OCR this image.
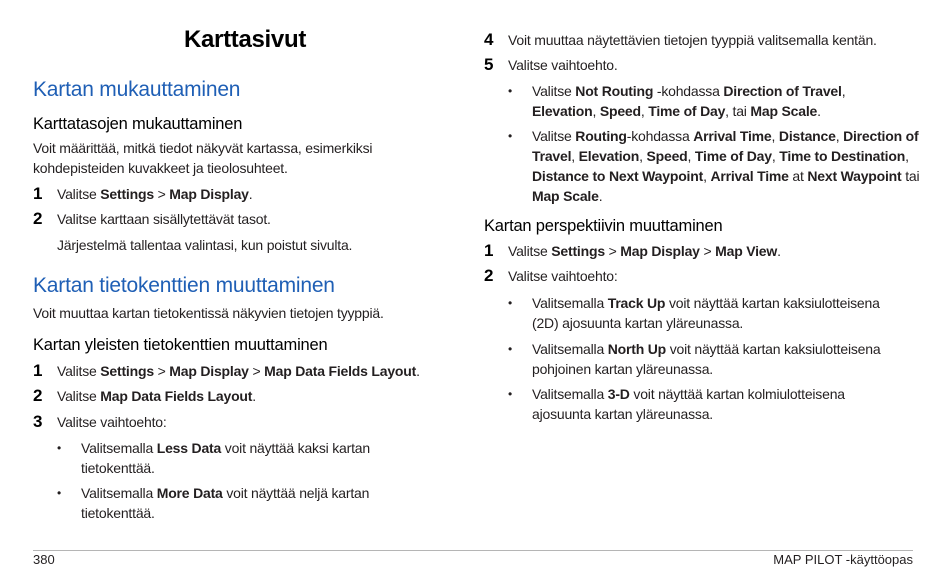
Karttasivut
Kartan mukauttaminen
Karttatasojen mukauttaminen

Voit määrittää, mitkä tiedot näkyvät kartassa, esimerkiksi kohdepisteiden kuvakkeet ja tieolosuhteet.

1 Valitse Settings > Map Display.
2 Valitse karttaan sisällytettävät tasot.

Järjestelmä tallentaa valintasi, kun poistut sivulta.

Kartan tietokenttien muuttaminen

Voit muuttaa kartan tietokentissä näkyvien tietojen tyyppiä.

Kartan yleisten tietokenttien muuttaminen
1 Valitse Settings > Map Display > Map Data Fields Layout.
2 Valitse Map Data Fields Layout.
3 Valitse vaihtoehto:
• Valitsemalla Less Data voit näyttää kaksi kartan tietokenttää.
• Valitsemalla More Data voit näyttää neljä kartan tietokenttää.
4 Voit muuttaa näytettävien tietojen tyyppiä valitsemalla kentän.
5 Valitse vaihtoehto.
• Valitse Not Routing -kohdassa Direction of Travel, Elevation, Speed, Time of Day, tai Map Scale.
• Valitse Routing-kohdassa Arrival Time, Distance, Direction of Travel, Elevation, Speed, Time of Day, Time to Destination, Distance to Next Waypoint, Arrival Time at Next Waypoint tai Map Scale.
Kartan perspektiivin muuttaminen
1 Valitse Settings > Map Display > Map View.
2 Valitse vaihtoehto:
• Valitsemalla Track Up voit näyttää kartan kaksiulotteisena (2D) ajosuunta kartan yläreunassa.
• Valitsemalla North Up voit näyttää kartan kaksiulotteisena pohjoinen kartan yläreunassa.
• Valitsemalla 3-D voit näyttää kartan kolmiulotteisena ajosuunta kartan yläreunassa.
380	MAP PILOT -käyttöopas
